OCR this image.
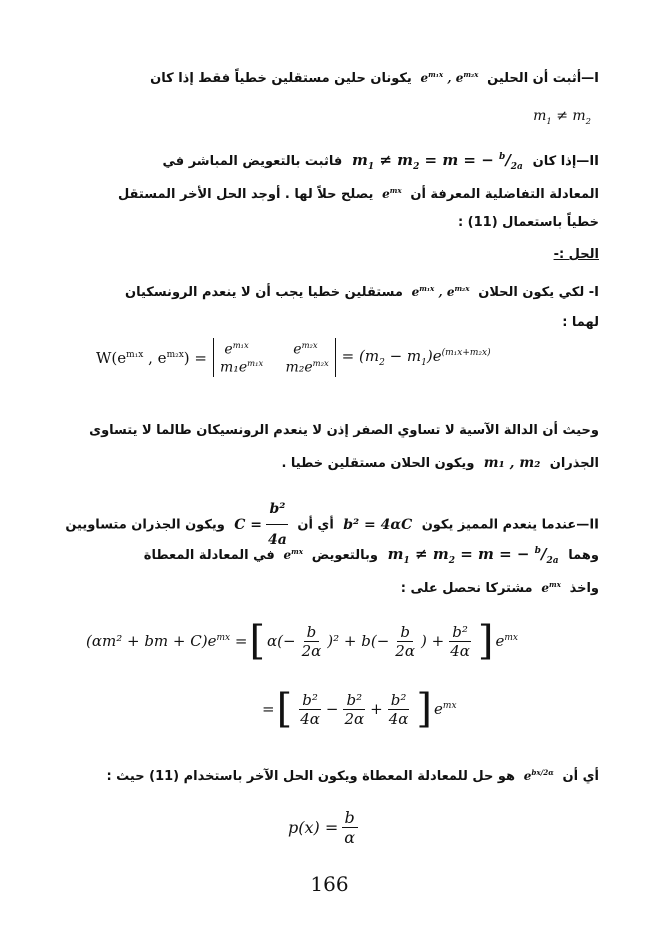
I—أثبت أن الحلين  $e^{m_1x}$ , $e^{m_2x}$  يكونان حلين مستقلين خطياً فقط إذا كان
$m_1 \ne m_2$
II—إذا كان  $m_1 \ne m_2 = m$ = − $^b/_{2a}$  فاثبت بالتعويض المباشر في
المعادلة التفاضلية المعرفة أن  $e^{mx}$  يصلح حلاً لها . أوجد الحل الأخر المستقل
خطياً باستعمال (11) :
الحل :-
I- لكي يكون الحلان  $e^{m_1x}$ , $e^{m_2x}$  مستقلين خطيا يجب أن لا ينعدم الرونسكيان
لهما :
$W(e^{m_1x}$ , $e^{m_2x}) = e^{m_1x}$          $e^{m_2x}$
$m_1e^{m_1x}$     $m_2e^{m_2x} = (m_2 - m_1)e^{(m_1x+m_2x)}$
وحيث أن الدالة الآسية لا تساوي الصفر إذن لا ينعدم الرونسيكان طالما لا يتساوى
الجذران  m₁ , m₂  ويكون الحلان مستقلين خطيا .
II—عندما ينعدم المميز يكون  b² = 4αC  أي أن  $C = \frac{\text{b²}}{4a}$
ويكون الجذران متساويين
وهما  $m_1 \ne m_2 = m$ = − $^b/_{2a}$  وبالتعويض  $e^{mx}$  في المعادلة المعطاة
واخذ  $e^{mx}$  مشتركا نحصل على :
(αm² + bm + $C)e^{mx}$ = [ $\alpha(- \frac{b}{2\alpha} )^2 + b(- \frac{b}{2\alpha}$ ) + $\frac{\text{b²}}{4\alpha}$ ] $e^{mx}$
= [ $\frac{\text{b²}}{4\alpha} - \frac{\text{b²}}{2\alpha} + \frac{\text{b²}}{4\alpha}$ ] $e^{mx}$
أي أن  $e^{bx/2\alpha}$  هو حل للمعادلة المعطاة ويكون الحل الآخر باستخدام (11) حيث :
$p(x) = \frac{b}{\alpha}$
166
